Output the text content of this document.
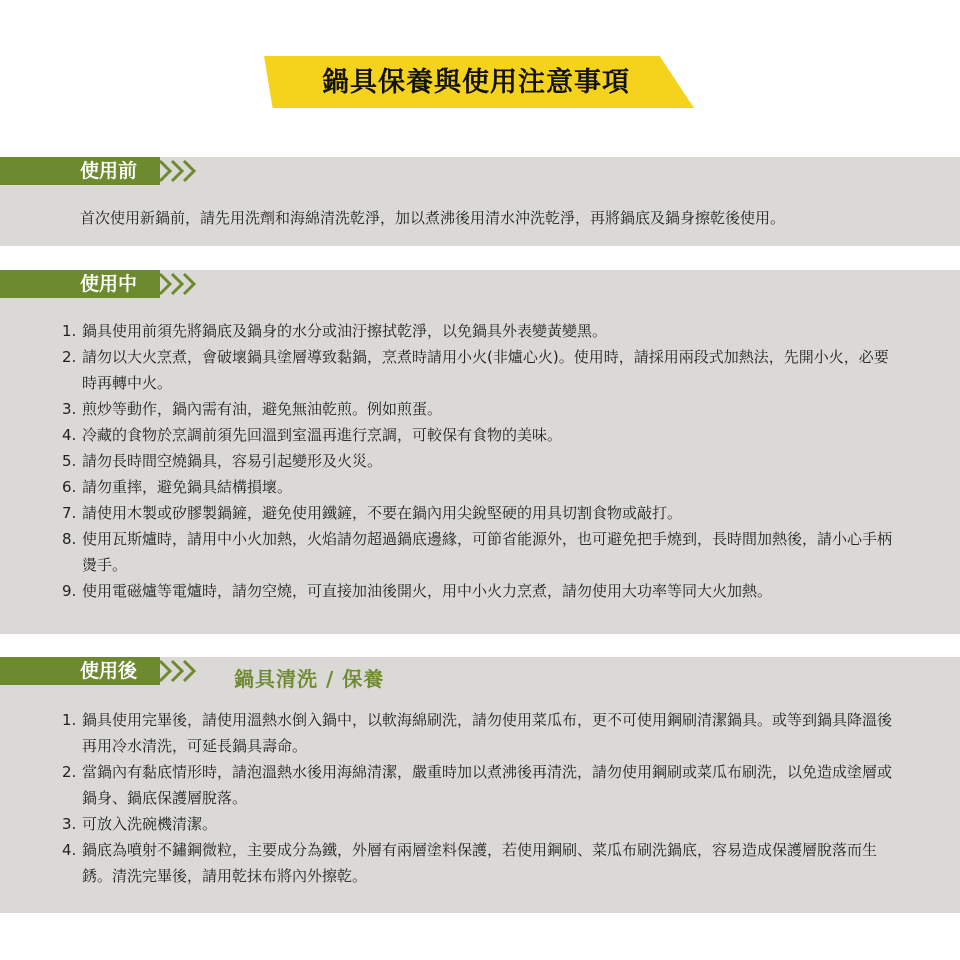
鍋具保養與使用注意事項
使用前
首次使用新鍋前，請先用洗劑和海綿清洗乾淨，加以煮沸後用清水沖洗乾淨，再將鍋底及鍋身擦乾後使用。
使用中
1. 鍋具使用前須先將鍋底及鍋身的水分或油汙擦拭乾淨，以免鍋具外表變黃變黑。
2. 請勿以大火烹煮，會破壞鍋具塗層導致黏鍋，烹煮時請用小火(非爐心火)。使用時，請採用兩段式加熱法，先開小火，必要時再轉中火。
3. 煎炒等動作，鍋內需有油，避免無油乾煎。例如煎蛋。
4. 冷藏的食物於烹調前須先回溫到室溫再進行烹調，可較保有食物的美味。
5. 請勿長時間空燒鍋具，容易引起變形及火災。
6. 請勿重摔，避免鍋具結構損壞。
7. 請使用木製或矽膠製鍋鏟，避免使用鐵鏟，不要在鍋內用尖銳堅硬的用具切割食物或敲打。
8. 使用瓦斯爐時，請用中小火加熱，火焰請勿超過鍋底邊緣，可節省能源外，也可避免把手燒到，長時間加熱後，請小心手柄燙手。
9. 使用電磁爐等電爐時，請勿空燒，可直接加油後開火，用中小火力烹煮，請勿使用大功率等同大火加熱。
使用後	鍋具清洗 / 保養
1. 鍋具使用完畢後，請使用溫熱水倒入鍋中，以軟海綿刷洗，請勿使用菜瓜布，更不可使用鋼刷清潔鍋具。或等到鍋具降溫後再用冷水清洗，可延長鍋具壽命。
2. 當鍋內有黏底情形時，請泡溫熱水後用海綿清潔，嚴重時加以煮沸後再清洗，請勿使用鋼刷或菜瓜布刷洗，以免造成塗層或鍋身、鍋底保護層脫落。
3. 可放入洗碗機清潔。
4. 鍋底為噴射不鏽鋼微粒，主要成分為鐵，外層有兩層塗料保護，若使用鋼刷、菜瓜布刷洗鍋底，容易造成保護層脫落而生銹。清洗完畢後，請用乾抹布將內外擦乾。
